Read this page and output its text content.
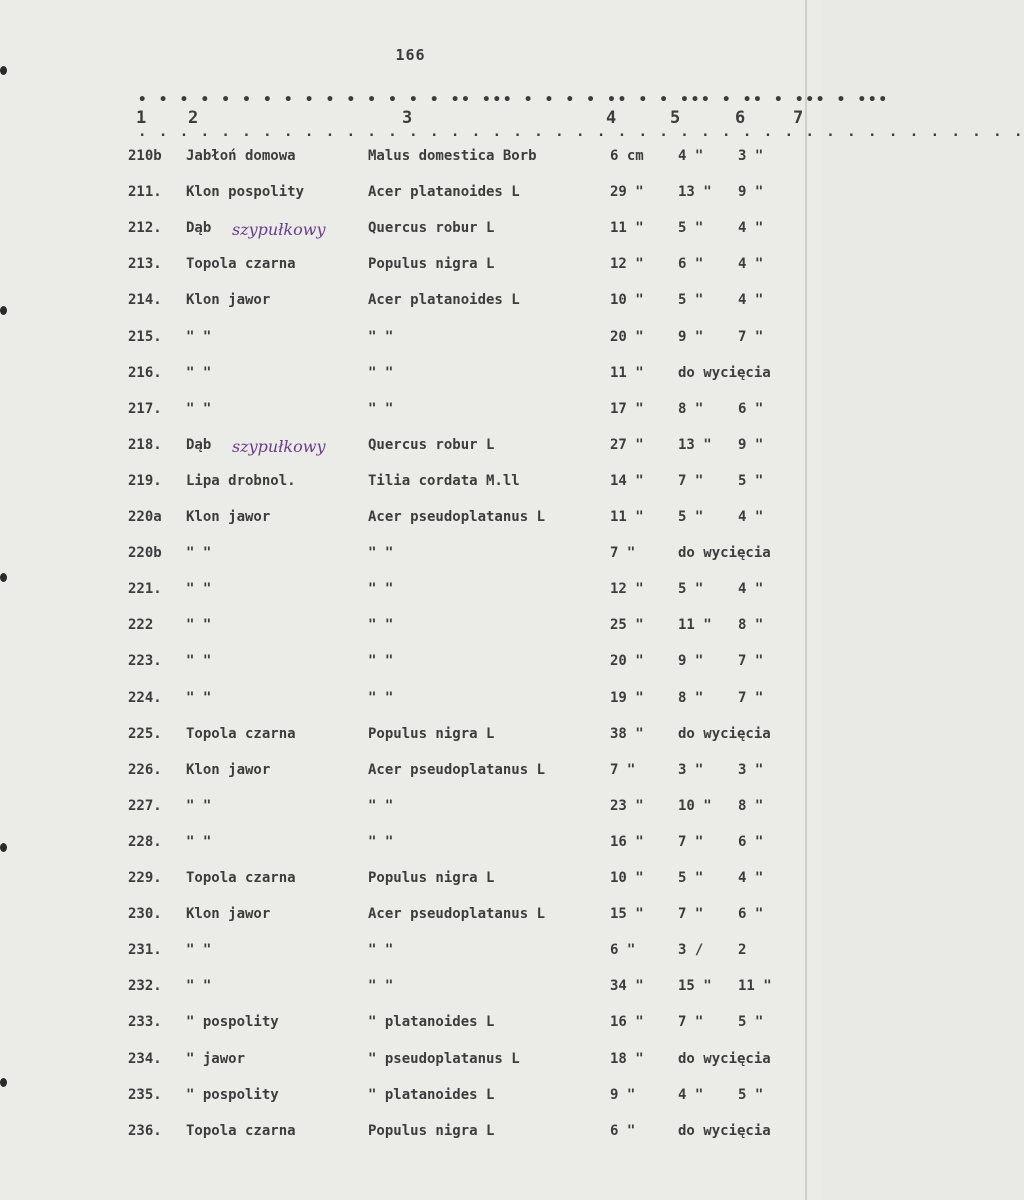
166
• • • • • • • • • • • • • • • •• ••• • • • • •• • • ••• • •• • ••• • •••
1 2	3	4	5	6	7
. . . . . . . . . . . . . . . . . . . . . . . . . . . . . . . . . . . . . . . . . . .
210b Jabłoń domowa	Malus domestica Borb	6 cm 4 " 3 "
211. Klon pospolity	Acer platanoides L	29 " 13 " 9 "
212. Dąb	Quercus robur L	11 " 5 " 4 "
szypułkowy
213. Topola czarna	Populus nigra L	12 " 6 " 4 "
214. Klon jawor	Acer platanoides L	10 " 5 " 4 "
215. " "	" "	20 " 9 " 7 "
216. " "	" "	11 " do wycięcia
217. " "	" "	17 " 8 " 6 "
218. Dąb	Quercus robur L	27 " 13 " 9 "
szypułkowy
219. Lipa drobnol.	Tilia cordata M.ll	14 " 7 " 5 "
220a Klon jawor	Acer pseudoplatanus L	11 " 5 " 4 "
220b " "	" "	7 "	do wycięcia
221. " "	" "	12 " 5 " 4 "
222 " "	" "	25 " 11 " 8 "
223. " "	" "	20 " 9 " 7 "
224. " "	" "	19 " 8 " 7 "
225. Topola czarna	Populus nigra L	38 " do wycięcia
226. Klon jawor	Acer pseudoplatanus L	7 "	3 " 3 "
227. " "	" "	23 " 10 " 8 "
228. " "	" "	16 " 7 " 6 "
229. Topola czarna	Populus nigra L	10 " 5 " 4 "
230. Klon jawor	Acer pseudoplatanus L	15 " 7 " 6 "
231. " "	" "	6 "	3 / 2
232. " "	" "	34 " 15 " 11 "
233. " pospolity	" platanoides L	16 " 7 " 5 "
234. " jawor	" pseudoplatanus L	18 " do wycięcia
235. " pospolity	" platanoides L	9 "	4 " 5 "
236. Topola czarna	Populus nigra L	6 "	do wycięcia
